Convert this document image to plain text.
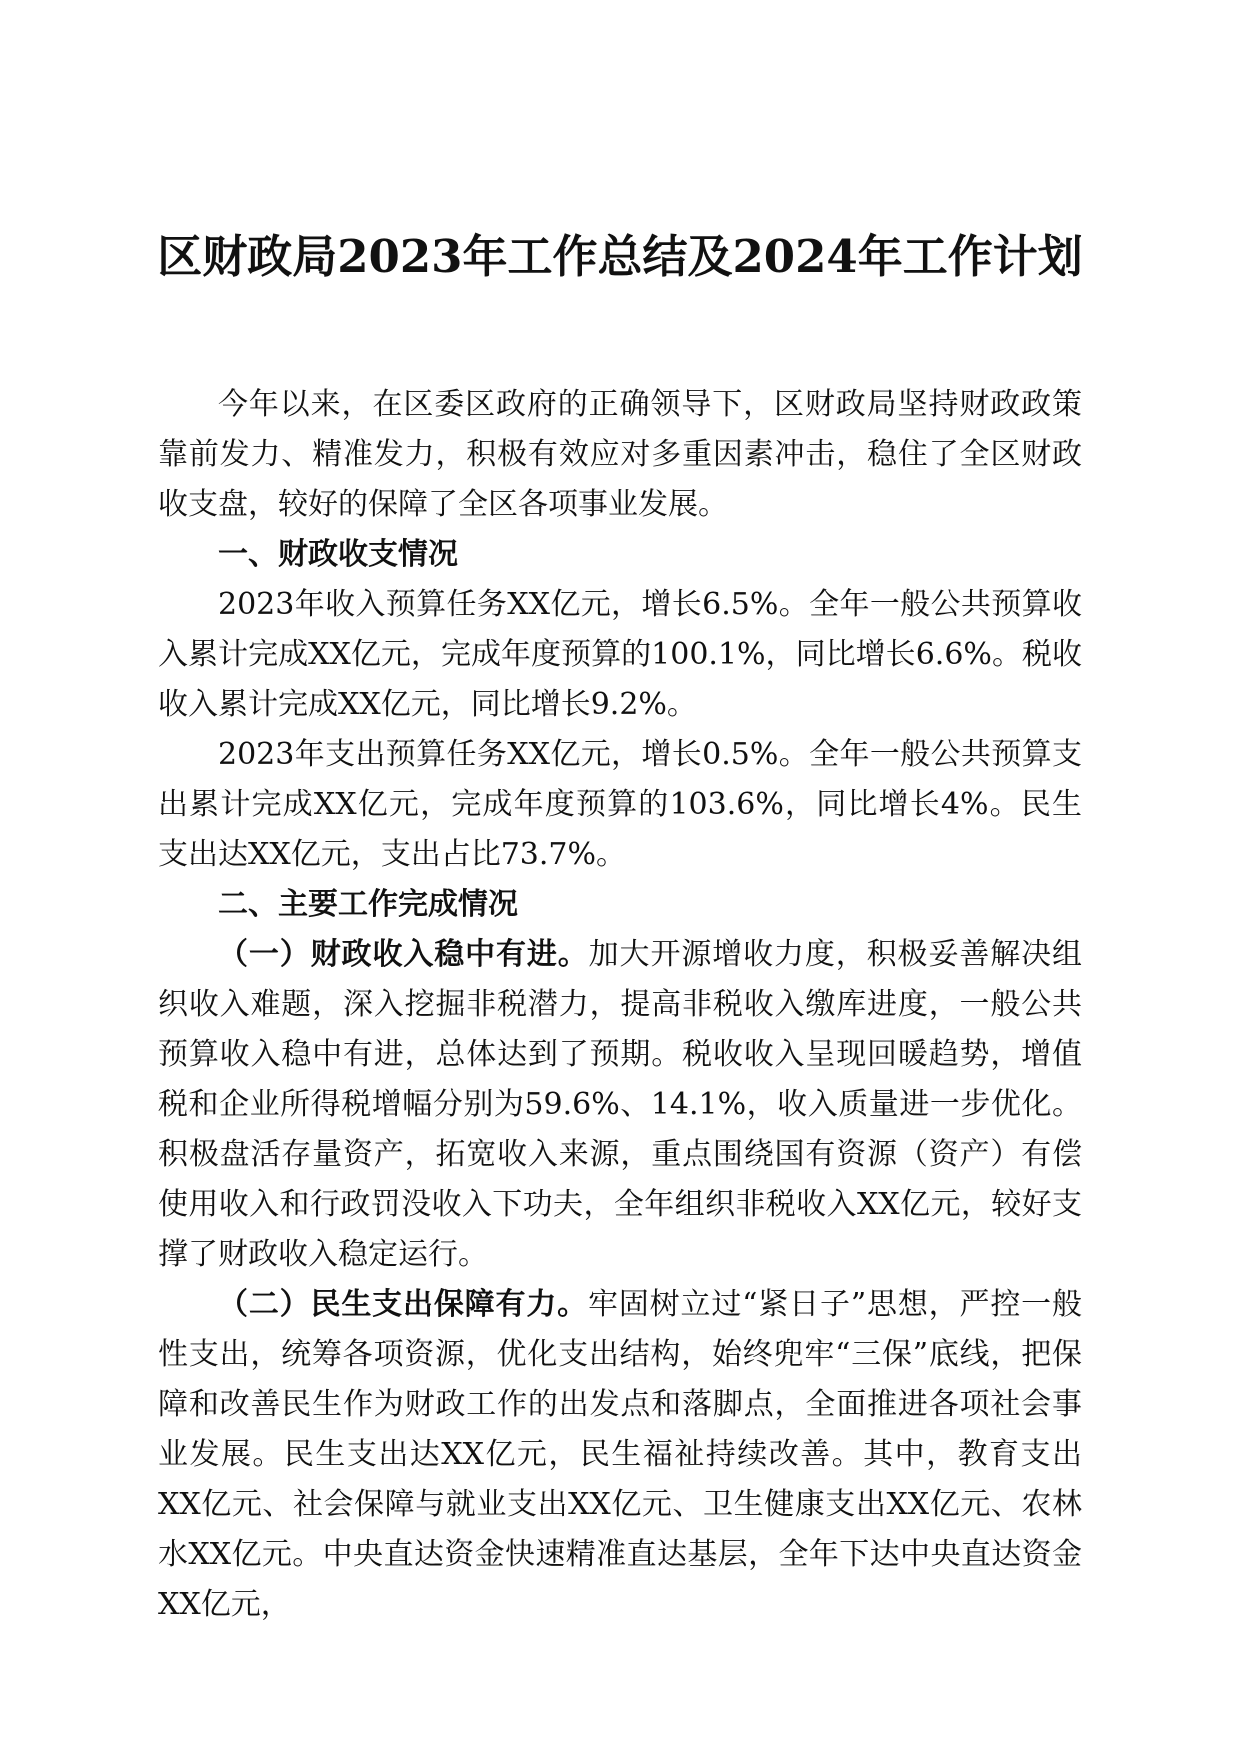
区财政局2023年工作总结及2024年工作计划

今年以来，在区委区政府的正确领导下，区财政局坚持财政政策靠前发力、精准发力，积极有效应对多重因素冲击，稳住了全区财政收支盘，较好的保障了全区各项事业发展。

一、财政收支情况

2023年收入预算任务XX亿元，增长6.5%。全年一般公共预算收入累计完成XX亿元，完成年度预算的100.1%，同比增长6.6%。税收收入累计完成XX亿元，同比增长9.2%。

2023年支出预算任务XX亿元，增长0.5%。全年一般公共预算支出累计完成XX亿元，完成年度预算的103.6%，同比增长4%。民生支出达XX亿元，支出占比73.7%。

二、主要工作完成情况

（一）财政收入稳中有进。加大开源增收力度，积极妥善解决组织收入难题，深入挖掘非税潜力，提高非税收入缴库进度，一般公共预算收入稳中有进，总体达到了预期。税收收入呈现回暖趋势，增值税和企业所得税增幅分别为59.6%、14.1%，收入质量进一步优化。积极盘活存量资产，拓宽收入来源，重点围绕国有资源（资产）有偿使用收入和行政罚没收入下功夫，全年组织非税收入XX亿元，较好支撑了财政收入稳定运行。

（二）民生支出保障有力。牢固树立过“紧日子”思想，严控一般性支出，统筹各项资源，优化支出结构，始终兜牢“三保”底线，把保障和改善民生作为财政工作的出发点和落脚点，全面推进各项社会事业发展。民生支出达XX亿元，民生福祉持续改善。其中，教育支出XX亿元、社会保障与就业支出XX亿元、卫生健康支出XX亿元、农林水XX亿元。中央直达资金快速精准直达基层，全年下达中央直达资金XX亿元，
